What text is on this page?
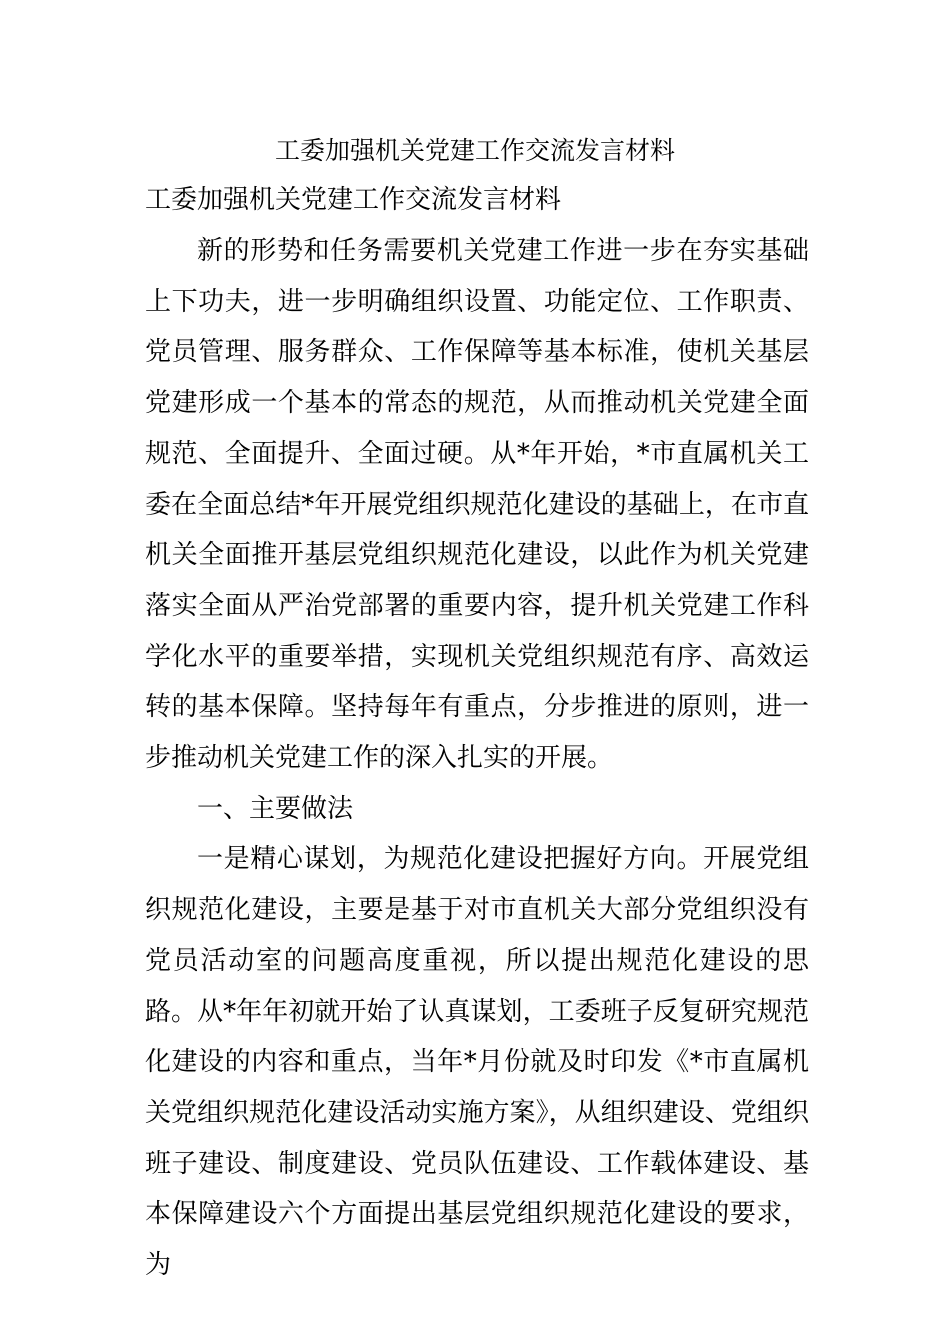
工委加强机关党建工作交流发言材料
工委加强机关党建工作交流发言材料

新的形势和任务需要机关党建工作进一步在夯实基础上下功夫，进一步明确组织设置、功能定位、工作职责、党员管理、服务群众、工作保障等基本标准，使机关基层党建形成一个基本的常态的规范，从而推动机关党建全面规范、全面提升、全面过硬。从*年开始，*市直属机关工委在全面总结*年开展党组织规范化建设的基础上，在市直机关全面推开基层党组织规范化建设，以此作为机关党建落实全面从严治党部署的重要内容，提升机关党建工作科学化水平的重要举措，实现机关党组织规范有序、高效运转的基本保障。坚持每年有重点，分步推进的原则，进一步推动机关党建工作的深入扎实的开展。

一、主要做法

一是精心谋划，为规范化建设把握好方向。开展党组织规范化建设，主要是基于对市直机关大部分党组织没有党员活动室的问题高度重视，所以提出规范化建设的思路。从*年年初就开始了认真谋划，工委班子反复研究规范化建设的内容和重点，当年*月份就及时印发《*市直属机关党组织规范化建设活动实施方案》，从组织建设、党组织班子建设、制度建设、党员队伍建设、工作载体建设、基本保障建设六个方面提出基层党组织规范化建设的要求，为
